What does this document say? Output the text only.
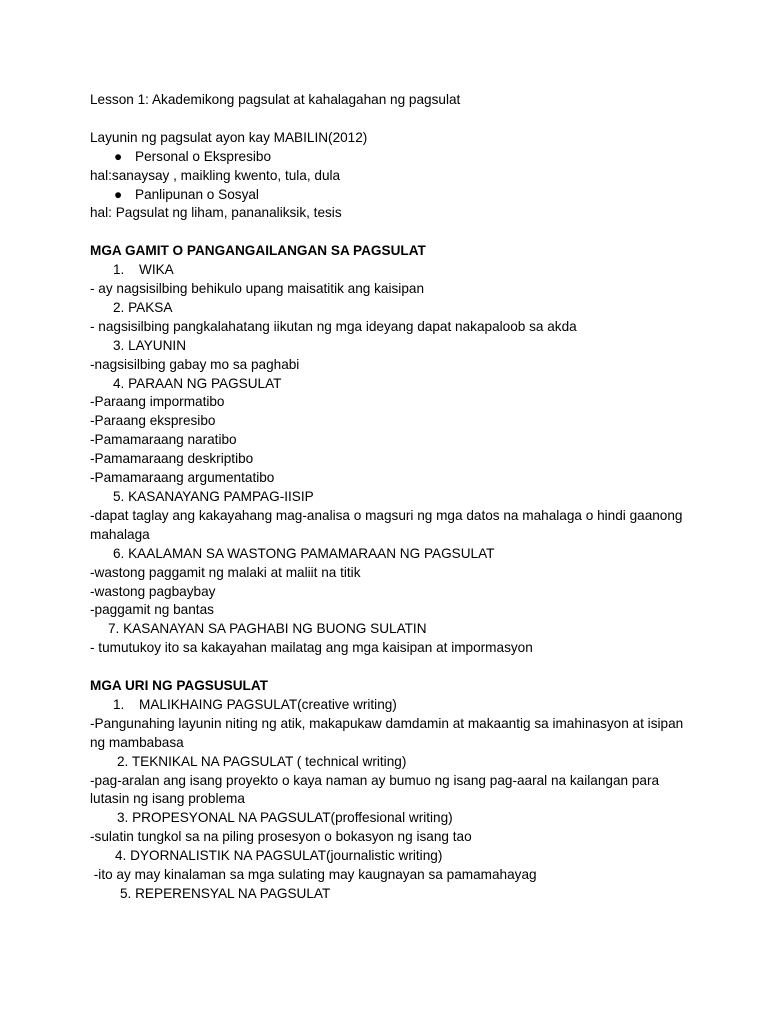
Lesson 1: Akademikong pagsulat at kahalagahan ng pagsulat
Layunin ng pagsulat ayon kay MABILIN(2012)
● Personal o Ekspresibo
hal:sanaysay , maikling kwento, tula, dula
● Panlipunan o Sosyal
hal: Pagsulat ng liham, pananaliksik, tesis
MGA GAMIT O PANGANGAILANGAN SA PAGSULAT
1. WIKA
- ay nagsisilbing behikulo upang maisatitik ang kaisipan
2. PAKSA
- nagsisilbing pangkalahatang iikutan ng mga ideyang dapat nakapaloob sa akda
3. LAYUNIN
-nagsisilbing gabay mo sa paghabi
4. PARAAN NG PAGSULAT
-Paraang impormatibo
-Paraang ekspresibo
-Pamamaraang naratibo
-Pamamaraang deskriptibo
-Pamamaraang argumentatibo
5. KASANAYANG PAMPAG-IISIP
-dapat taglay ang kakayahang mag-analisa o magsuri ng mga datos na mahalaga o hindi gaanong mahalaga
6. KAALAMAN SA WASTONG PAMAMARAAN NG PAGSULAT
-wastong paggamit ng malaki at maliit na titik
-wastong pagbaybay
-paggamit ng bantas
7. KASANAYAN SA PAGHABI NG BUONG SULATIN
- tumutukoy ito sa kakayahan mailatag ang mga kaisipan at impormasyon
MGA URI NG PAGSUSULAT
1. MALIKHAING PAGSULAT(creative writing)
-Pangunahing layunin niting ng atik, makapukaw damdamin at makaantig sa imahinasyon at isipan ng mambabasa
2. TEKNIKAL NA PAGSULAT ( technical writing)
-pag-aralan ang isang proyekto o kaya naman ay bumuo ng isang pag-aaral na kailangan para lutasin ng isang problema
3. PROPESYONAL NA PAGSULAT(proffesional writing)
-sulatin tungkol sa na piling prosesyon o bokasyon ng isang tao
4. DYORNALISTIK NA PAGSULAT(journalistic writing)
-ito ay may kinalaman sa mga sulating may kaugnayan sa pamamahayag
5. REPERENSYAL NA PAGSULAT
